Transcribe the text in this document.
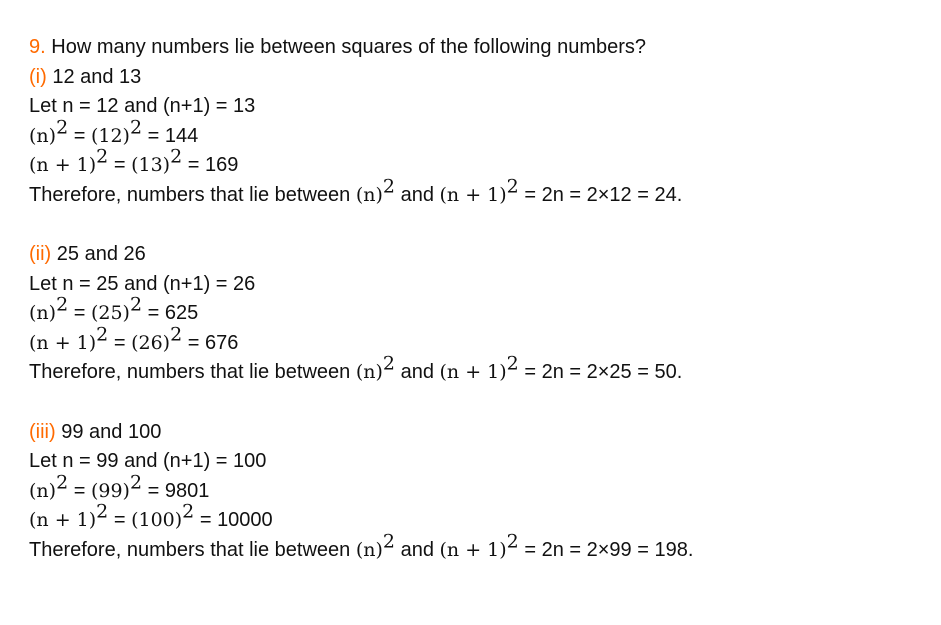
9. How many numbers lie between squares of the following numbers?
(i) 12 and 13
Let n = 12 and (n+1) = 13
$(n)^2 = (12)^2 = 144$
$(n + 1)^2 = (13)^2 = 169$
Therefore, numbers that lie between $(n)^2$ and $(n + 1)^2 = 2n = 2\times 12 = 24$.
(ii) 25 and 26
Let n = 25 and (n+1) = 26
$(n)^2 = (25)^2 = 625$
$(n + 1)^2 = (26)^2 = 676$
Therefore, numbers that lie between $(n)^2$ and $(n + 1)^2 = 2n = 2\times 25 = 50$.
(iii) 99 and 100
Let n = 99 and (n+1) = 100
$(n)^2 = (99)^2 = 9801$
$(n + 1)^2 = (100)^2 = 10000$
Therefore, numbers that lie between $(n)^2$ and $(n + 1)^2 = 2n = 2\times 99 = 198$.
